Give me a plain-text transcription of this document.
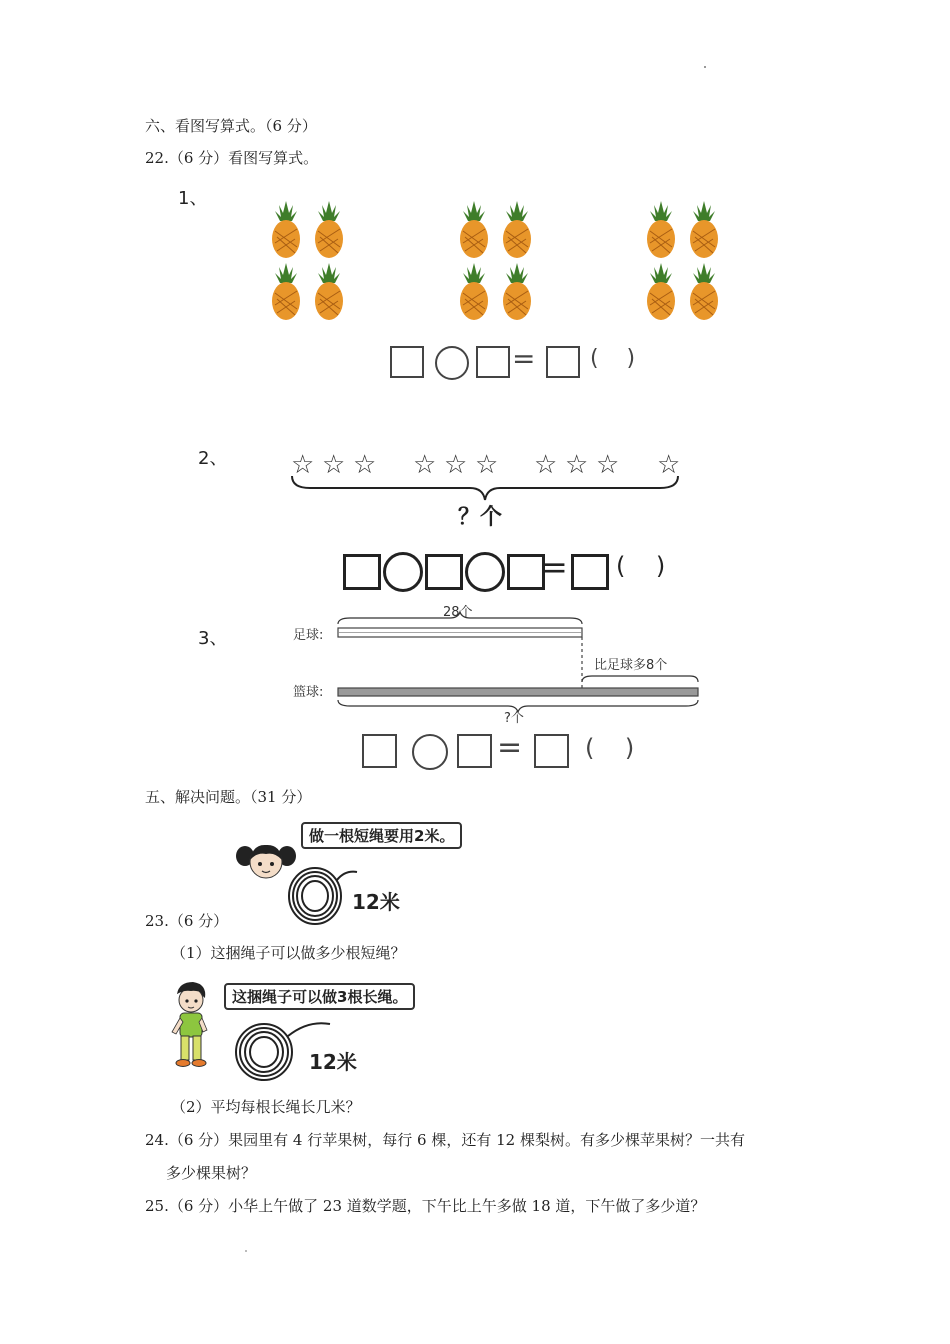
六、看图写算式。（6 分）
22.（6 分）看图写算式。
1、
= (    )
2、 ☆ ☆ ☆ ☆ ☆ ☆ ☆ ☆ ☆ ☆
？个
= (    )
3、	足球:
篮球:
28个
比足球多8个
?个
=	(    )
五、解决问题。（31 分）
做一根短绳要用2米。
12米
23.（6 分）
（1）这捆绳子可以做多少根短绳？
这捆绳子可以做3根长绳。
12米
（2）平均每根长绳长几米？
24.（6 分）果园里有 4 行苹果树，每行 6 棵，还有 12 棵梨树。有多少棵苹果树？一共有
多少棵果树？
25.（6 分）小华上午做了 23 道数学题，下午比上午多做 18 道，下午做了多少道？
